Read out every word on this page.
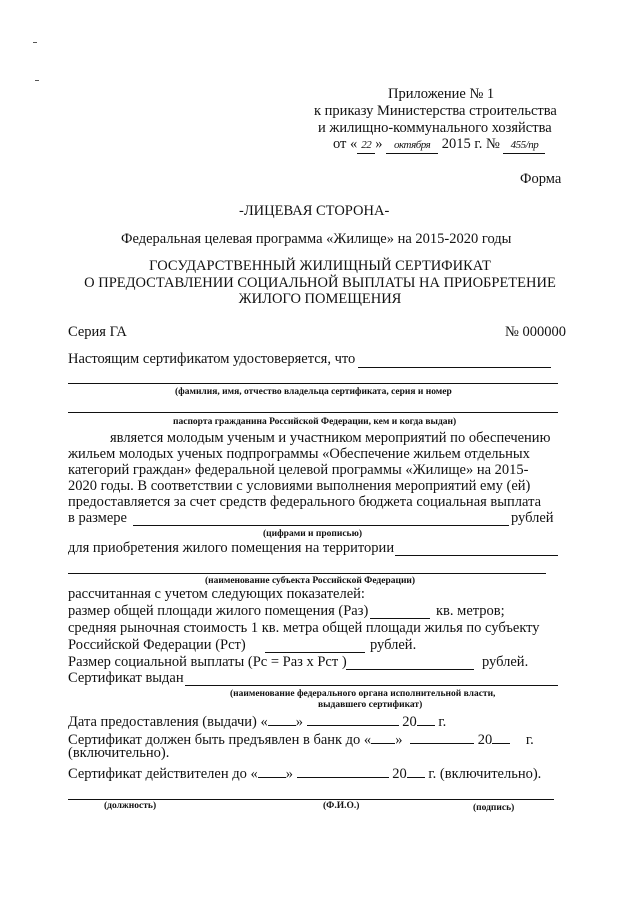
Приложение № 1
к приказу Министерства строительства
и жилищно-коммунального хозяйства
от « 22 » октября 2015 г. № 455/пр
Форма
-ЛИЦЕВАЯ СТОРОНА-
Федеральная целевая программа «Жилище» на 2015-2020 годы
ГОСУДАРСТВЕННЫЙ ЖИЛИЩНЫЙ СЕРТИФИКАТ
О ПРЕДОСТАВЛЕНИИ СОЦИАЛЬНОЙ ВЫПЛАТЫ НА ПРИОБРЕТЕНИЕ
ЖИЛОГО ПОМЕЩЕНИЯ
Серия ГА	№ 000000
Настоящим сертификатом удостоверяется, что
(фамилия, имя, отчество владельца сертификата, серия и номер
паспорта гражданина Российской Федерации, кем и когда выдан)
является молодым ученым и участником мероприятий по обеспечению
жильем молодых ученых подпрограммы «Обеспечение жильем отдельных
категорий граждан» федеральной целевой программы «Жилище» на 2015-
2020 годы. В соответствии с условиями выполнения мероприятий ему (ей)
предоставляется за счет средств федерального бюджета социальная выплата
в размере	рублей
(цифрами и прописью)
для приобретения жилого помещения на территории
(наименование субъекта Российской Федерации)
рассчитанная с учетом следующих показателей:
размер общей площади жилого помещения (Раз)	кв. метров;
средняя рыночная стоимость 1 кв. метра общей площади жилья по субъекту
Российской Федерации (Рст)	рублей.
Размер социальной выплаты (Рс = Раз х Рст )	рублей.
Сертификат выдан
(наименование федерального органа исполнительной власти,
выдавшего сертификат)
Дата предоставления (выдачи) « »	20 г.
Сертификат должен быть предъявлен в банк до « »	20 г.
(включительно).
Сертификат действителен до « »	20 г. (включительно).
(должность)	(Ф.И.О.)	(подпись)
